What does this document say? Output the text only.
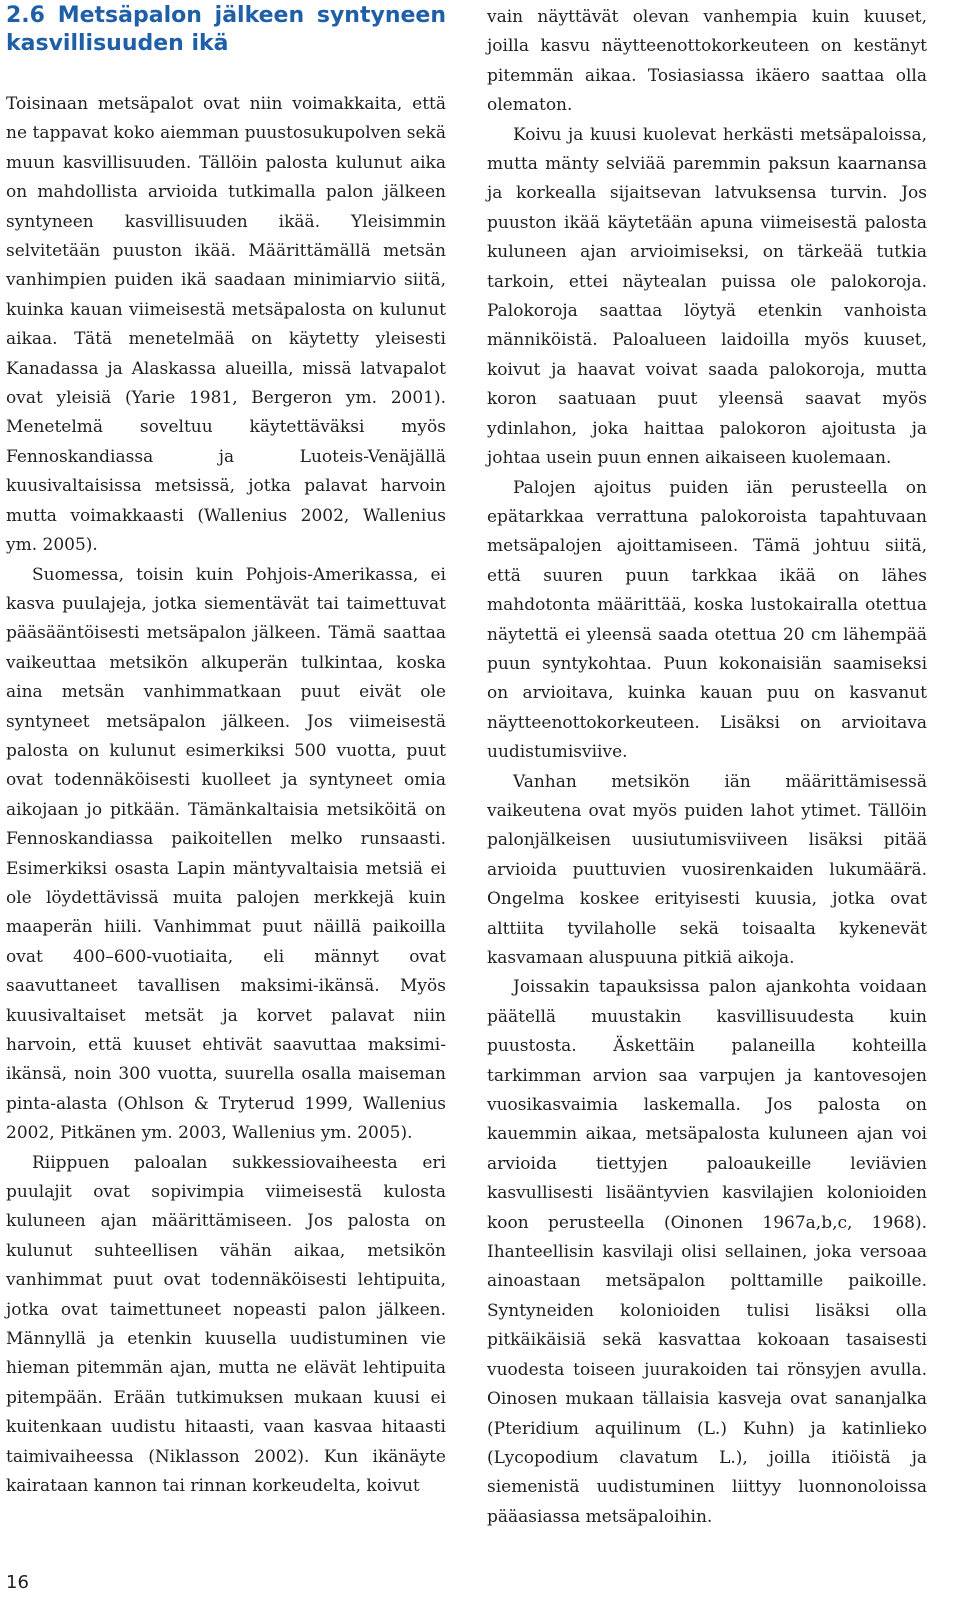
2.6 Metsäpalon jälkeen syntyneen kasvillisuuden ikä

Toisinaan metsäpalot ovat niin voimakkaita, että ne tappavat koko aiemman puustosukupolven sekä muun kasvillisuuden. Tällöin palosta kulunut aika on mahdollista arvioida tutkimalla palon jälkeen syntyneen kasvillisuuden ikää. Yleisimmin selvitetään puuston ikää. Määrittämällä metsän vanhimpien puiden ikä saadaan minimiarvio siitä, kuinka kauan viimeisestä metsäpalosta on kulunut aikaa. Tätä menetelmää on käytetty yleisesti Kanadassa ja Alaskassa alueilla, missä latvapalot ovat yleisiä (Yarie 1981, Bergeron ym. 2001). Menetelmä soveltuu käytettäväksi myös Fennoskandiassa ja Luoteis-Venäjällä kuusivaltaisissa metsissä, jotka palavat harvoin mutta voimakkaasti (Wallenius 2002, Wallenius ym. 2005).

Suomessa, toisin kuin Pohjois-Amerikassa, ei kasva puulajeja, jotka siementävät tai taimettuvat pääsääntöisesti metsäpalon jälkeen. Tämä saattaa vaikeuttaa metsikön alkuperän tulkintaa, koska aina metsän vanhimmatkaan puut eivät ole syntyneet metsäpalon jälkeen. Jos viimeisestä palosta on kulunut esimerkiksi 500 vuotta, puut ovat todennäköisesti kuolleet ja syntyneet omia aikojaan jo pitkään. Tämänkaltaisia metsiköitä on Fennoskandiassa paikoitellen melko runsaasti. Esimerkiksi osasta Lapin mäntyvaltaisia metsiä ei ole löydettävissä muita palojen merkkejä kuin maaperän hiili. Vanhimmat puut näillä paikoilla ovat 400–600-vuotiaita, eli männyt ovat saavuttaneet tavallisen maksimi-ikänsä. Myös kuusivaltaiset metsät ja korvet palavat niin harvoin, että kuuset ehtivät saavuttaa maksimi-ikänsä, noin 300 vuotta, suurella osalla maiseman pinta-alasta (Ohlson & Tryterud 1999, Wallenius 2002, Pitkänen ym. 2003, Wallenius ym. 2005).

Riippuen paloalan sukkessiovaiheesta eri puulajit ovat sopivimpia viimeisestä kulosta kuluneen ajan määrittämiseen. Jos palosta on kulunut suhteellisen vähän aikaa, metsikön vanhimmat puut ovat todennäköisesti lehtipuita, jotka ovat taimettuneet nopeasti palon jälkeen. Männyllä ja etenkin kuusella uudistuminen vie hieman pitemmän ajan, mutta ne elävät lehtipuita pitempään. Erään tutkimuksen mukaan kuusi ei kuitenkaan uudistu hitaasti, vaan kasvaa hitaasti taimivaiheessa (Niklasson 2002). Kun ikänäyte kairataan kannon tai rinnan korkeudelta, koivut

vain näyttävät olevan vanhempia kuin kuuset, joilla kasvu näytteenottokorkeuteen on kestänyt pitemmän aikaa. Tosiasiassa ikäero saattaa olla olematon.

Koivu ja kuusi kuolevat herkästi metsäpaloissa, mutta mänty selviää paremmin paksun kaarnansa ja korkealla sijaitsevan latvuksensa turvin. Jos puuston ikää käytetään apuna viimeisestä palosta kuluneen ajan arvioimiseksi, on tärkeää tutkia tarkoin, ettei näytealan puissa ole palokoroja. Palokoroja saattaa löytyä etenkin vanhoista männiköistä. Paloalueen laidoilla myös kuuset, koivut ja haavat voivat saada palokoroja, mutta koron saatuaan puut yleensä saavat myös ydinlahon, joka haittaa palokoron ajoitusta ja johtaa usein puun ennen aikaiseen kuolemaan.

Palojen ajoitus puiden iän perusteella on epätarkkaa verrattuna palokoroista tapahtuvaan metsäpalojen ajoittamiseen. Tämä johtuu siitä, että suuren puun tarkkaa ikää on lähes mahdotonta määrittää, koska lustokairalla otettua näytettä ei yleensä saada otettua 20 cm lähempää puun syntykohtaa. Puun kokonaisiän saamiseksi on arvioitava, kuinka kauan puu on kasvanut näytteenottokorkeuteen. Lisäksi on arvioitava uudistumisviive.

Vanhan metsikön iän määrittämisessä vaikeutena ovat myös puiden lahot ytimet. Tällöin palonjälkeisen uusiutumisviiveen lisäksi pitää arvioida puuttuvien vuosirenkaiden lukumäärä. Ongelma koskee erityisesti kuusia, jotka ovat alttiita tyvilaholle sekä toisaalta kykenevät kasvamaan aluspuuna pitkiä aikoja.

Joissakin tapauksissa palon ajankohta voidaan päätellä muustakin kasvillisuudesta kuin puustosta. Äskettäin palaneilla kohteilla tarkimman arvion saa varpujen ja kantovesojen vuosikasvaimia laskemalla. Jos palosta on kauemmin aikaa, metsäpalosta kuluneen ajan voi arvioida tiettyjen paloaukeille leviävien kasvullisesti lisääntyvien kasvilajien kolonioiden koon perusteella (Oinonen 1967a,b,c, 1968). Ihanteellisin kasvilaji olisi sellainen, joka versoaa ainoastaan metsäpalon polttamille paikoille. Syntyneiden kolonioiden tulisi lisäksi olla pitkäikäisiä sekä kasvattaa kokoaan tasaisesti vuodesta toiseen juurakoiden tai rönsyjen avulla. Oinosen mukaan tällaisia kasveja ovat sananjalka (Pteridium aquilinum (L.) Kuhn) ja katinlieko (Lycopodium clavatum L.), joilla itiöistä ja siemenistä uudistuminen liittyy luonnonoloissa pääasiassa metsäpaloihin.

16
